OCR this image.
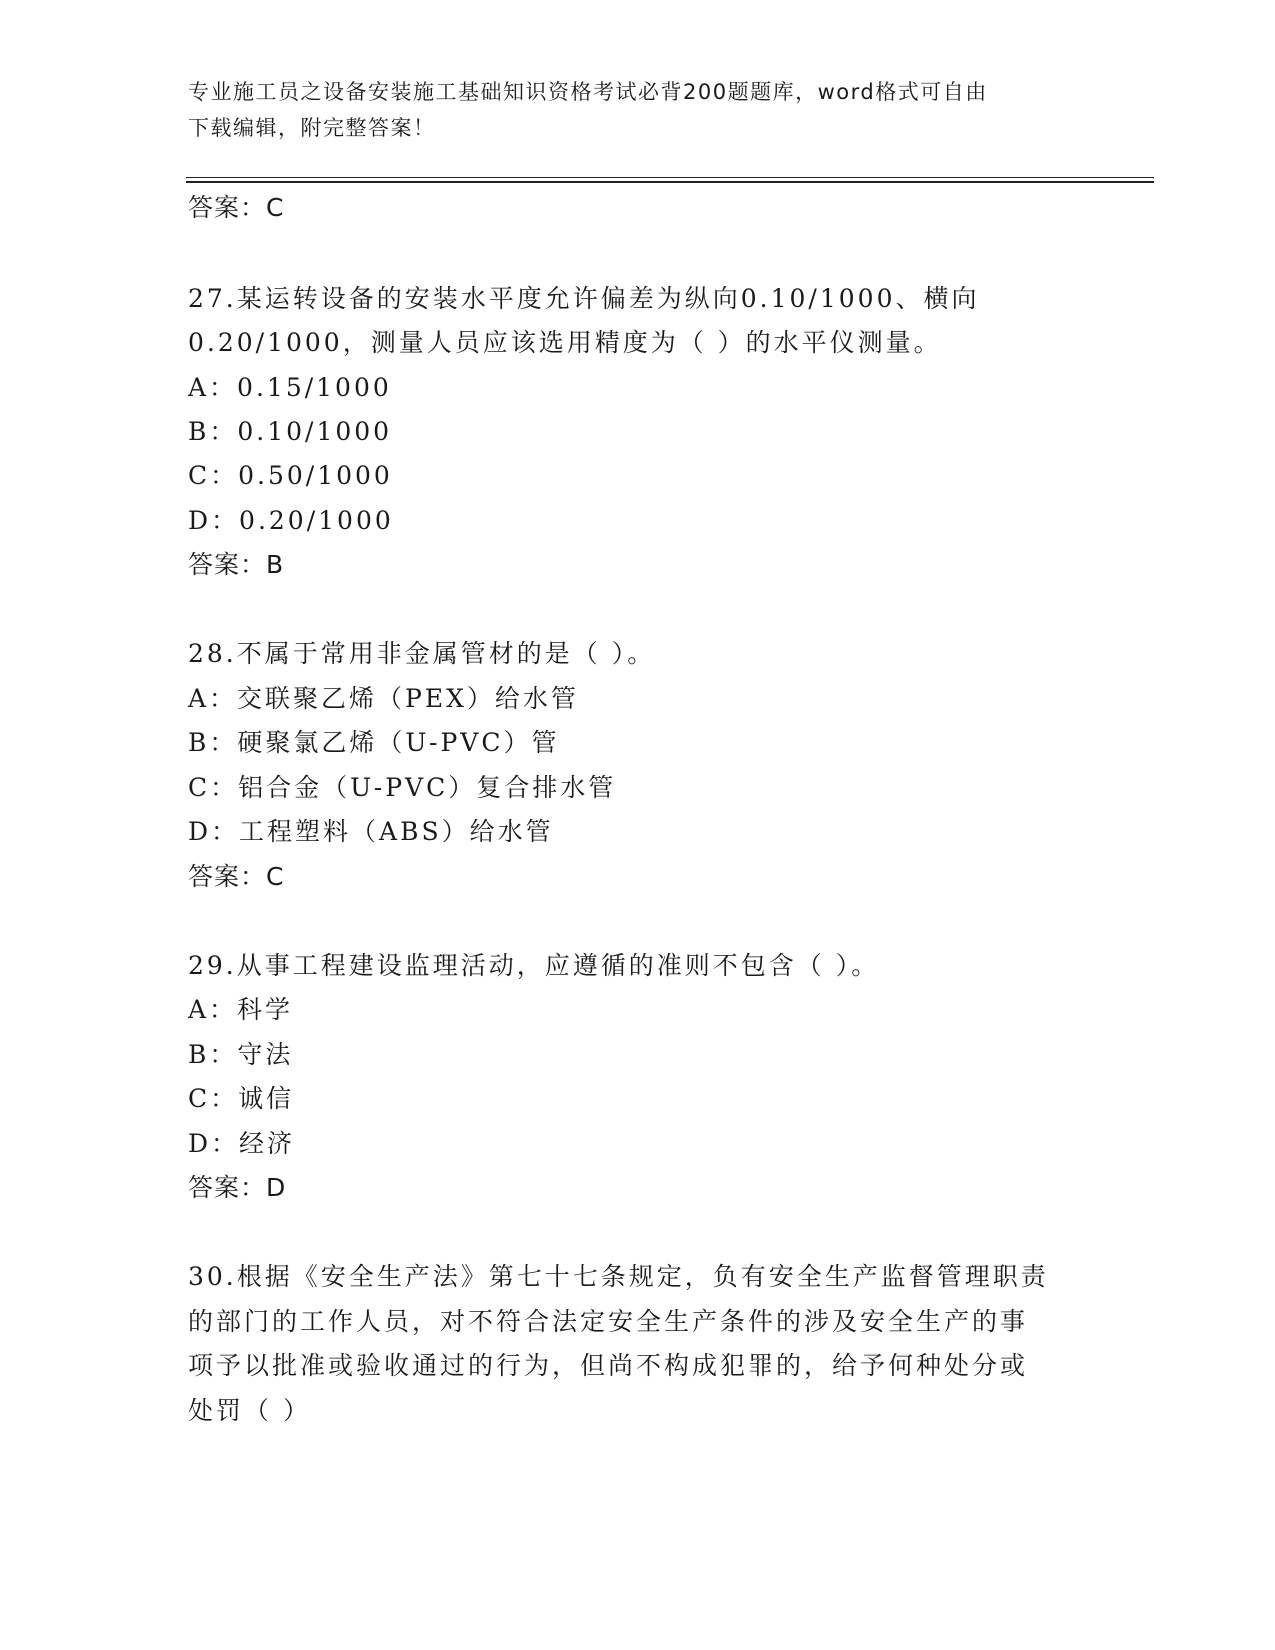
专业施工员之设备安装施工基础知识资格考试必背200题题库，word格式可自由
下载编辑，附完整答案！
答案：C
27.某运转设备的安装水平度允许偏差为纵向0.10/1000、横向
0.20/1000，测量人员应该选用精度为（ ）的水平仪测量。
A：0.15/1000
B：0.10/1000
C：0.50/1000
D：0.20/1000
答案：B
28.不属于常用非金属管材的是（ ）。
A：交联聚乙烯（PEX）给水管
B：硬聚氯乙烯（U-PVC）管
C：铝合金（U-PVC）复合排水管
D：工程塑料（ABS）给水管
答案：C
29.从事工程建设监理活动，应遵循的准则不包含（ ）。
A：科学
B：守法
C：诚信
D：经济
答案：D
30.根据《安全生产法》第七十七条规定，负有安全生产监督管理职责
的部门的工作人员，对不符合法定安全生产条件的涉及安全生产的事
项予以批准或验收通过的行为，但尚不构成犯罪的，给予何种处分或
处罚（ ）
